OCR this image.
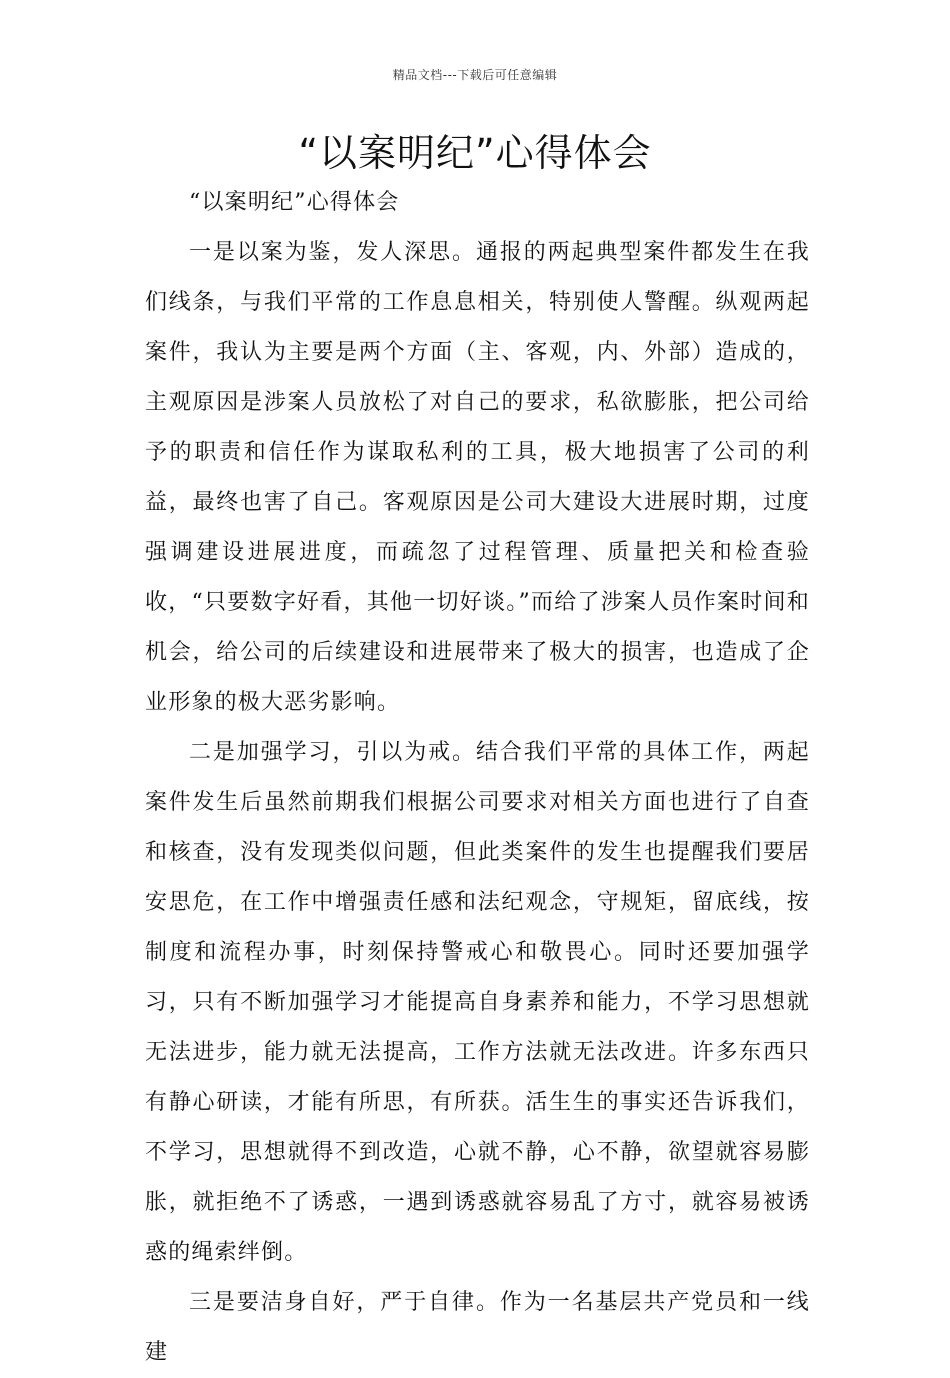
精品文档---下载后可任意编辑
“以案明纪”心得体会

“以案明纪”心得体会

一是以案为鉴，发人深思。通报的两起典型案件都发生在我们线条，与我们平常的工作息息相关，特别使人警醒。纵观两起案件，我认为主要是两个方面（主、客观，内、外部）造成的，主观原因是涉案人员放松了对自己的要求，私欲膨胀，把公司给予的职责和信任作为谋取私利的工具，极大地损害了公司的利益，最终也害了自己。客观原因是公司大建设大进展时期，过度强调建设进展进度，而疏忽了过程管理、质量把关和检查验收，“只要数字好看，其他一切好谈。”而给了涉案人员作案时间和机会，给公司的后续建设和进展带来了极大的损害，也造成了企业形象的极大恶劣影响。

二是加强学习，引以为戒。结合我们平常的具体工作，两起案件发生后虽然前期我们根据公司要求对相关方面也进行了自查和核查，没有发现类似问题，但此类案件的发生也提醒我们要居安思危，在工作中增强责任感和法纪观念，守规矩，留底线，按制度和流程办事，时刻保持警戒心和敬畏心。同时还要加强学习，只有不断加强学习才能提高自身素养和能力，不学习思想就无法进步，能力就无法提高，工作方法就无法改进。许多东西只有静心研读，才能有所思，有所获。活生生的事实还告诉我们，不学习，思想就得不到改造，心就不静，心不静，欲望就容易膨胀，就拒绝不了诱惑，一遇到诱惑就容易乱了方寸，就容易被诱惑的绳索绊倒。

三是要洁身自好，严于自律。作为一名基层共产党员和一线建
